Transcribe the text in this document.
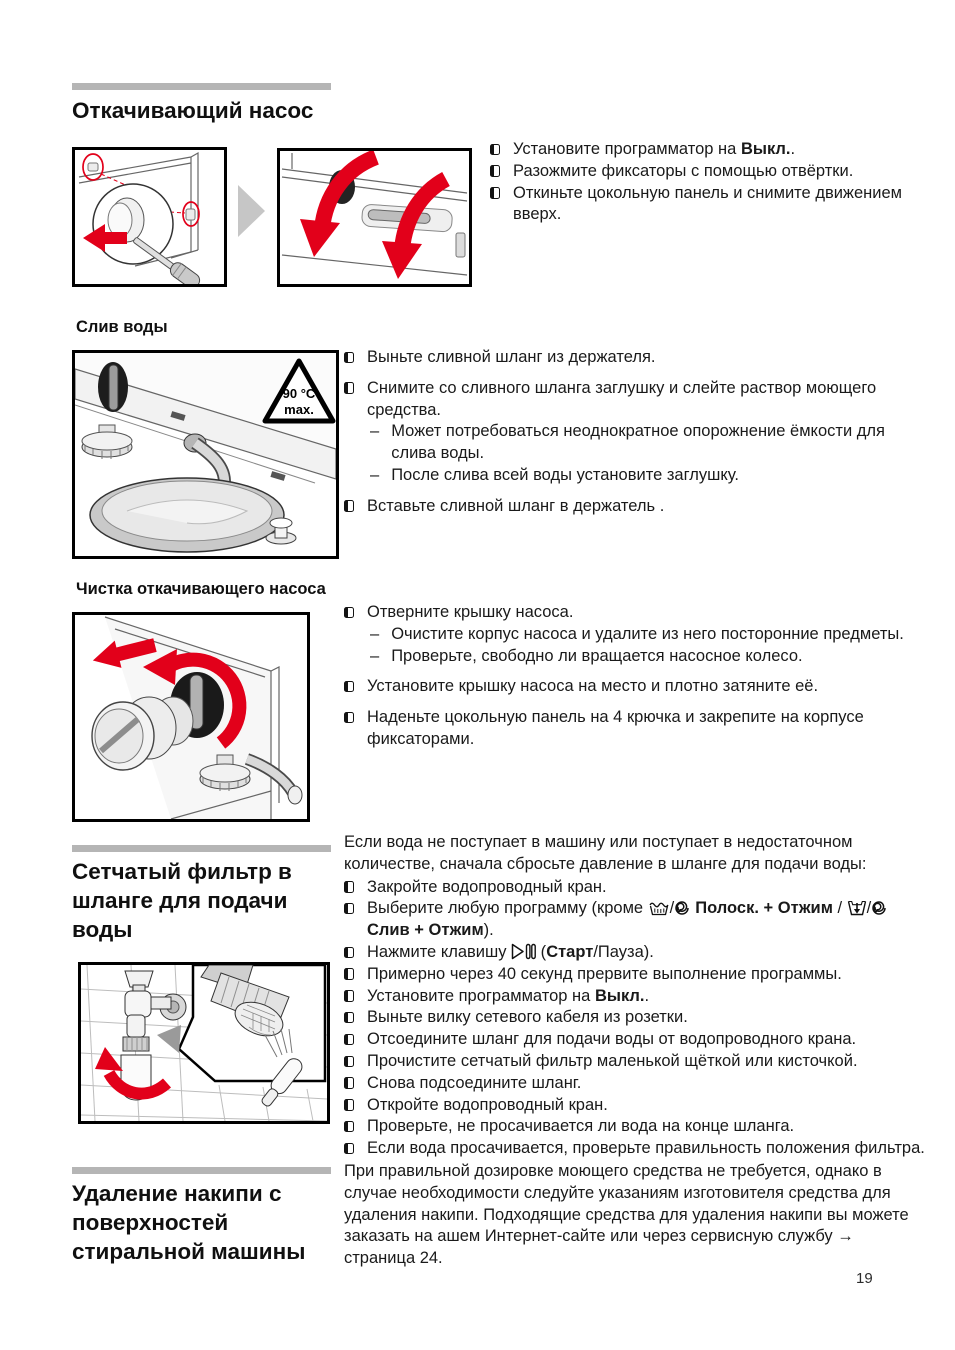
Откачивающий насос
Установите программатор на Выкл..
Разожмите фиксаторы с помощью отвёртки.
Откиньте цокольную панель и снимите движением вверх.
Слив воды
90 °C
max.
Выньте сливной шланг из держателя.
Снимите со сливного шланга заглушку и слейте раствор моющего средства.
– Может потребоваться неоднократное опорожнение ёмкости для слива воды.
– После слива всей воды установите заглушку.
Вставьте сливной шланг в держатель .
Чистка откачивающего насоса
Отверните крышку насоса.
– Очистите корпус насоса и удалите из него посторонние предметы.
– Проверьте, свободно ли вращается насосное колесо.
Установите крышку насоса на место и плотно затяните её.
Наденьте цокольную панель на 4 крючка и закрепите на корпусе фиксаторами.
Сетчатый фильтр в
шланге для подачи
воды
Если вода не поступает в машину или поступает в недостаточном количестве, сначала сбросьте давление в шланге для подачи воды:
Закройте водопроводный кран.
Выберите любую программу (кроме / Полоск. + Отжим / /Слив + Отжим).
Нажмите клавишу  (Старт/Пауза).
Примерно через 40 секунд прервите выполнение программы.
Установите программатор на Выкл..
Выньте вилку сетевого кабеля из розетки.
Отсоедините шланг для подачи воды от водопроводного крана.
Прочистите сетчатый фильтр маленькой щёткой или кисточкой.
Снова подсоедините шланг.
Откройте водопроводный кран.
Проверьте, не просачивается ли вода на конце шланга.
Если вода просачивается, проверьте правильность положения фильтра.
Удаление накипи с
поверхностей
стиральной машины
При правильной дозировке моющего средства не требуется, однако в случае необходимости следуйте указаниям изготовителя средства для удаления накипи. Подходящие средства для удаления накипи вы можете заказать на ашем Интернет-сайте или через сервисную службу → страница 24.
19
